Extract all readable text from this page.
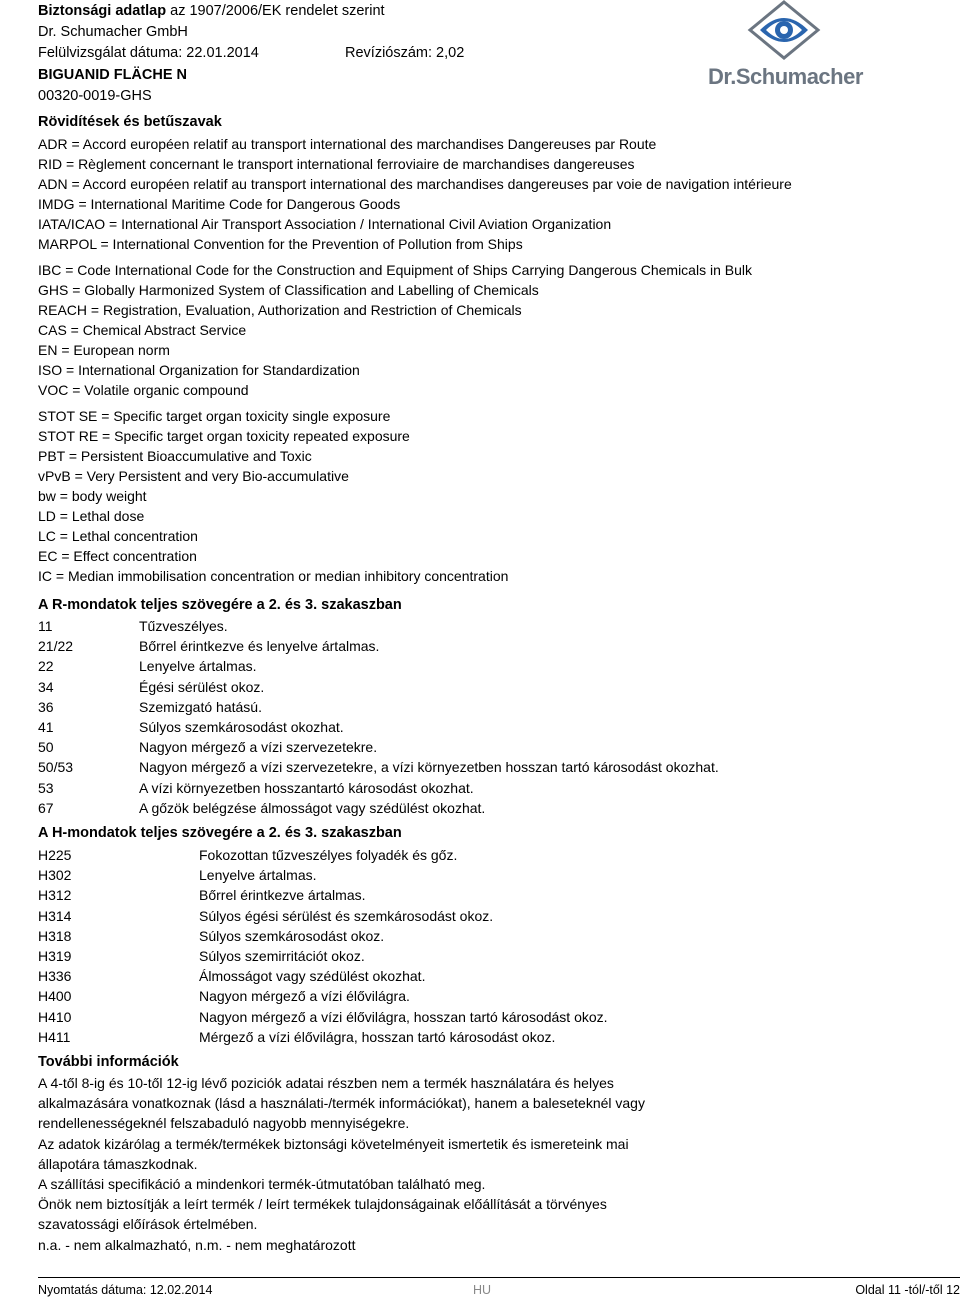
Biztonsági adatlap az 1907/2006/EK rendelet szerint
Dr. Schumacher GmbH
Felülvizsgálat dátuma: 22.01.2014	Revíziószám: 2,02
BIGUANID FLÄCHE N
00320-0019-GHS
Dr.Schumacher
Rövidítések és betűszavak
ADR = Accord européen relatif au transport international des marchandises Dangereuses par Route
RID = Règlement concernant le transport international ferroviaire de marchandises dangereuses
ADN = Accord européen relatif au transport international des marchandises dangereuses par voie de navigation intérieure
IMDG = International Maritime Code for Dangerous Goods
IATA/ICAO = International Air Transport Association / International Civil Aviation Organization
MARPOL = International Convention for the Prevention of Pollution from Ships
IBC = Code International Code for the Construction and Equipment of Ships Carrying Dangerous Chemicals in Bulk
GHS = Globally Harmonized System of Classification and Labelling of Chemicals
REACH = Registration, Evaluation, Authorization and Restriction of Chemicals
CAS = Chemical Abstract Service
EN = European norm
ISO = International Organization for Standardization
VOC = Volatile organic compound
STOT SE = Specific target organ toxicity single exposure
STOT RE = Specific target organ toxicity repeated exposure
PBT = Persistent Bioaccumulative and Toxic
vPvB = Very Persistent and very Bio-accumulative
bw = body weight
LD = Lethal dose
LC = Lethal concentration
EC = Effect concentration
IC = Median immobilisation concentration or median inhibitory concentration
A R-mondatok teljes szövegére a 2. és 3. szakaszban
11	Tűzveszélyes.
21/22	Bőrrel érintkezve és lenyelve ártalmas.
22	Lenyelve ártalmas.
34	Égési sérülést okoz.
36	Szemizgató hatású.
41	Súlyos szemkárosodást okozhat.
50	Nagyon mérgező a vízi szervezetekre.
50/53	Nagyon mérgező a vízi szervezetekre, a vízi környezetben hosszan tartó károsodást okozhat.
53	A vízi környezetben hosszantartó károsodást okozhat.
67	A gőzök belégzése álmosságot vagy szédülést okozhat.
A H-mondatok teljes szövegére a 2. és 3. szakaszban
H225	Fokozottan tűzveszélyes folyadék és gőz.
H302	Lenyelve ártalmas.
H312	Bőrrel érintkezve ártalmas.
H314	Súlyos égési sérülést és szemkárosodást okoz.
H318	Súlyos szemkárosodást okoz.
H319	Súlyos szemirritációt okoz.
H336	Álmosságot vagy szédülést okozhat.
H400	Nagyon mérgező a vízi élővilágra.
H410	Nagyon mérgező a vízi élővilágra, hosszan tartó károsodást okoz.
H411	Mérgező a vízi élővilágra, hosszan tartó károsodást okoz.
További információk
A 4-től 8-ig és 10-től 12-ig lévő poziciók adatai részben nem a termék használatára és helyes
alkalmazására vonatkoznak (lásd a használati-/termék információkat), hanem a baleseteknél vagy
rendellenességeknél felszabaduló nagyobb mennyiségekre.
Az adatok kizárólag a termék/termékek biztonsági követelményeit ismertetik és ismereteink mai
állapotára támaszkodnak.
A szállítási specifikáció a mindenkori termék-útmutatóban található meg.
Önök nem biztosítják a leírt termék / leírt termékek tulajdonságainak előállítását a törvényes
szavatossági előírások értelmében.
n.a. - nem alkalmazható, n.m. - nem meghatározott
Nyomtatás dátuma: 12.02.2014	HU	Oldal 11 -tól/-től 12
